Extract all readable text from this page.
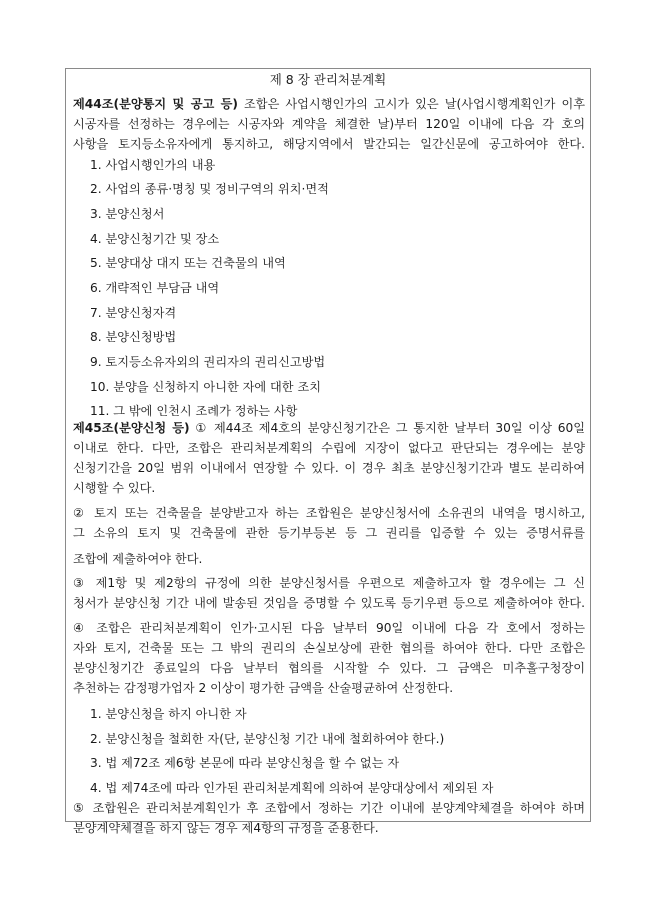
제 8 장 관리처분계획
제44조(분양통지 및 공고 등) 조합은 사업시행인가의 고시가 있은 날(사업시행계획인가 이후
시공자를 선정하는 경우에는 시공자와 계약을 체결한 날)부터 120일 이내에 다음 각 호의
사항을 토지등소유자에게 통지하고, 해당지역에서 발간되는 일간신문에 공고하여야 한다.
1. 사업시행인가의 내용
2. 사업의 종류·명칭 및 정비구역의 위치·면적
3. 분양신청서
4. 분양신청기간 및 장소
5. 분양대상 대지 또는 건축물의 내역
6. 개략적인 부담금 내역
7. 분양신청자격
8. 분양신청방법
9. 토지등소유자외의 권리자의 권리신고방법
10. 분양을 신청하지 아니한 자에 대한 조치
11. 그 밖에 인천시 조례가 정하는 사항
제45조(분양신청 등) ① 제44조 제4호의 분양신청기간은 그 통지한 날부터 30일 이상 60일
이내로 한다. 다만, 조합은 관리처분계획의 수립에 지장이 없다고 판단되는 경우에는 분양
신청기간을 20일 범위 이내에서 연장할 수 있다. 이 경우 최초 분양신청기간과 별도 분리하여
시행할 수 있다.
② 토지 또는 건축물을 분양받고자 하는 조합원은 분양신청서에 소유권의 내역을 명시하고,
그 소유의 토지 및 건축물에 관한 등기부등본 등 그 권리를 입증할 수 있는 증명서류를
조합에 제출하여야 한다.
③ 제1항 및 제2항의 규정에 의한 분양신청서를 우편으로 제출하고자 할 경우에는 그 신
청서가 분양신청 기간 내에 발송된 것임을 증명할 수 있도록 등기우편 등으로 제출하여야 한다.
④ 조합은 관리처분계획이 인가·고시된 다음 날부터 90일 이내에 다음 각 호에서 정하는
자와 토지, 건축물 또는 그 밖의 권리의 손실보상에 관한 협의를 하여야 한다. 다만 조합은
분양신청기간 종료일의 다음 날부터 협의를 시작할 수 있다. 그 금액은 미추홀구청장이
추천하는 감정평가업자 2 이상이 평가한 금액을 산술평균하여 산정한다.
1. 분양신청을 하지 아니한 자
2. 분양신청을 철회한 자(단, 분양신청 기간 내에 철회하여야 한다.)
3. 법 제72조 제6항 본문에 따라 분양신청을 할 수 없는 자
4. 법 제74조에 따라 인가된 관리처분계획에 의하여 분양대상에서 제외된 자
⑤ 조합원은 관리처분계획인가 후 조합에서 정하는 기간 이내에 분양계약체결을 하여야 하며
분양계약체결을 하지 않는 경우 제4항의 규정을 준용한다.
